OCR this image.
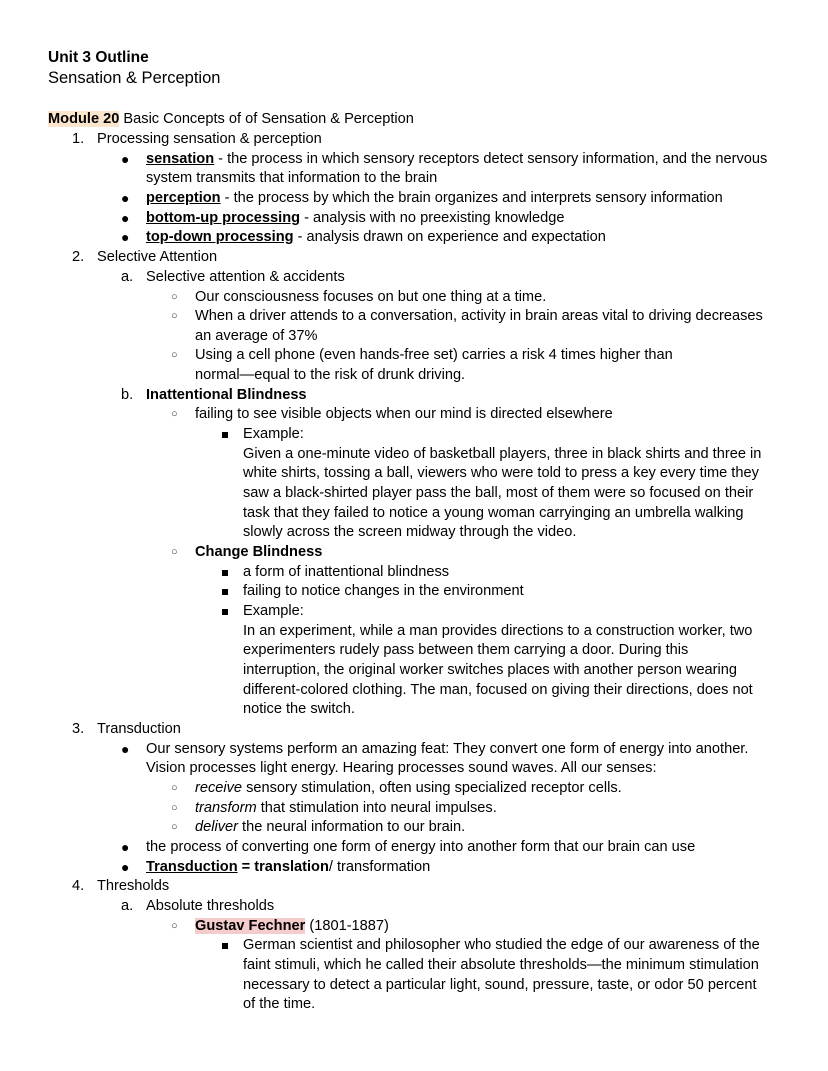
Unit 3 Outline
Sensation & Perception
Module 20 Basic Concepts of of Sensation & Perception
1. Processing sensation & perception
● sensation - the process in which sensory receptors detect sensory information, and the nervous
system transmits that information to the brain
● perception - the process by which the brain organizes and interprets sensory information
● bottom-up processing - analysis with no preexisting knowledge
● top-down processing - analysis drawn on experience and expectation
2. Selective Attention
a. Selective attention & accidents
○ Our consciousness focuses on but one thing at a time.
○ When a driver attends to a conversation, activity in brain areas vital to driving decreases
an average of 37%
○ Using a cell phone (even hands-free set) carries a risk 4 times higher than
normal—equal to the risk of drunk driving.
b. Inattentional Blindness
○ failing to see visible objects when our mind is directed elsewhere
Example:
Given a one-minute video of basketball players, three in black shirts and three in
white shirts, tossing a ball, viewers who were told to press a key every time they
saw a black-shirted player pass the ball, most of them were so focused on their
task that they failed to notice a young woman carryinging an umbrella walking
slowly across the screen midway through the video.
○ Change Blindness
a form of inattentional blindness
failing to notice changes in the environment
Example:
In an experiment, while a man provides directions to a construction worker, two
experimenters rudely pass between them carrying a door. During this
interruption, the original worker switches places with another person wearing
different-colored clothing. The man, focused on giving their directions, does not
notice the switch.
3. Transduction
● Our sensory systems perform an amazing feat: They convert one form of energy into another.
Vision processes light energy. Hearing processes sound waves. All our senses:
○ receive sensory stimulation, often using specialized receptor cells.
○ transform that stimulation into neural impulses.
○ deliver the neural information to our brain.
● the process of converting one form of energy into another form that our brain can use
● Transduction = translation/ transformation
4. Thresholds
a. Absolute thresholds
○ Gustav Fechner (1801-1887)
German scientist and philosopher who studied the edge of our awareness of the
faint stimuli, which he called their absolute thresholds—the minimum stimulation
necessary to detect a particular light, sound, pressure, taste, or odor 50 percent
of the time.
